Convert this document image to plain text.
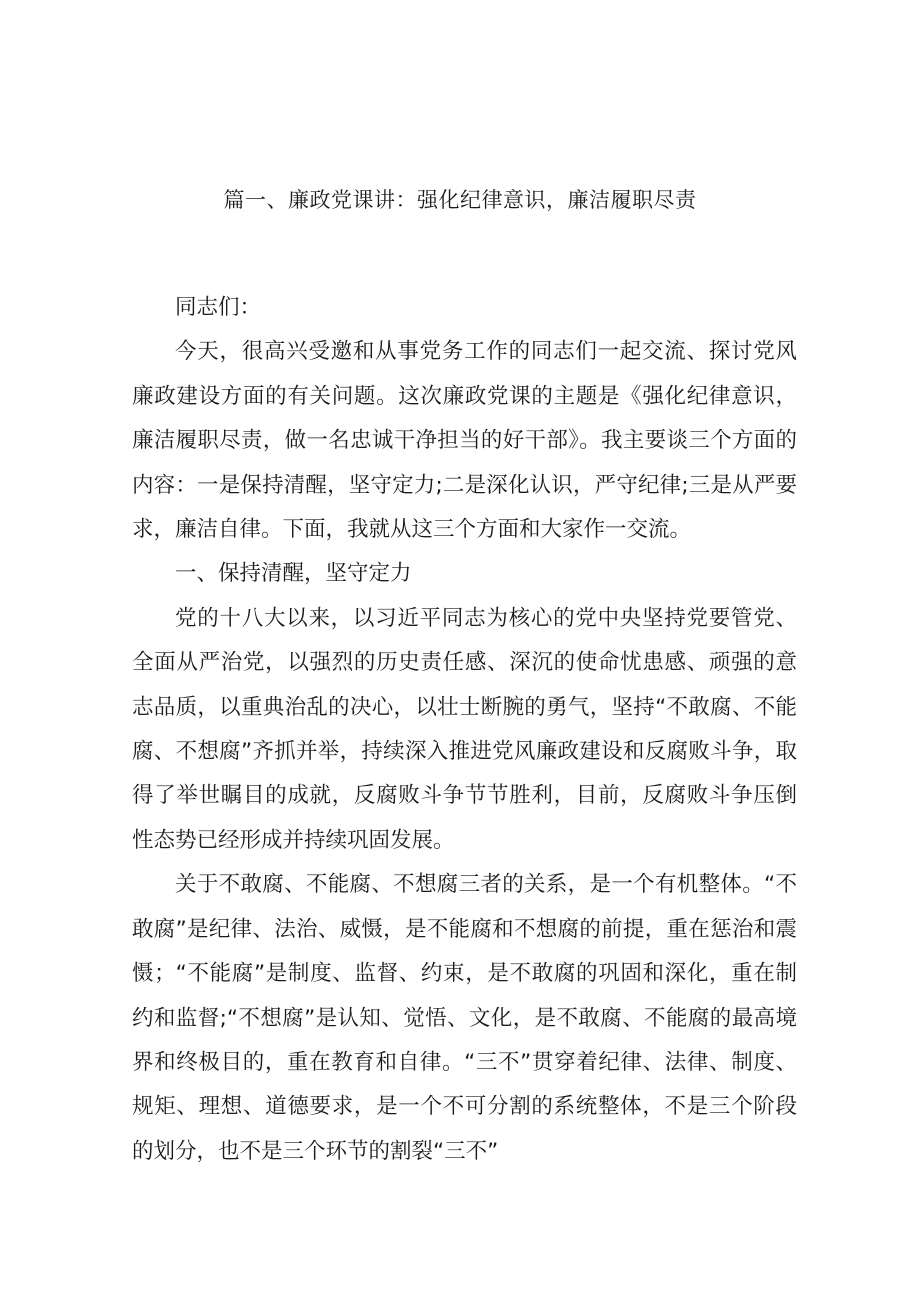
篇一、廉政党课讲：强化纪律意识，廉洁履职尽责

同志们：

今天，很高兴受邀和从事党务工作的同志们一起交流、探讨党风廉政建设方面的有关问题。这次廉政党课的主题是《强化纪律意识，廉洁履职尽责，做一名忠诚干净担当的好干部》。我主要谈三个方面的内容：一是保持清醒，坚守定力;二是深化认识，严守纪律;三是从严要求，廉洁自律。下面，我就从这三个方面和大家作一交流。

一、保持清醒，坚守定力

党的十八大以来，以习近平同志为核心的党中央坚持党要管党、全面从严治党，以强烈的历史责任感、深沉的使命忧患感、顽强的意志品质，以重典治乱的决心，以壮士断腕的勇气，坚持“不敢腐、不能腐、不想腐”齐抓并举，持续深入推进党风廉政建设和反腐败斗争，取得了举世瞩目的成就，反腐败斗争节节胜利，目前，反腐败斗争压倒性态势已经形成并持续巩固发展。

关于不敢腐、不能腐、不想腐三者的关系，是一个有机整体。“不敢腐”是纪律、法治、威慑，是不能腐和不想腐的前提，重在惩治和震慑；“不能腐”是制度、监督、约束，是不敢腐的巩固和深化，重在制约和监督;“不想腐”是认知、觉悟、文化，是不敢腐、不能腐的最高境界和终极目的，重在教育和自律。“三不”贯穿着纪律、法律、制度、规矩、理想、道德要求，是一个不可分割的系统整体，不是三个阶段的划分，也不是三个环节的割裂“三不”
